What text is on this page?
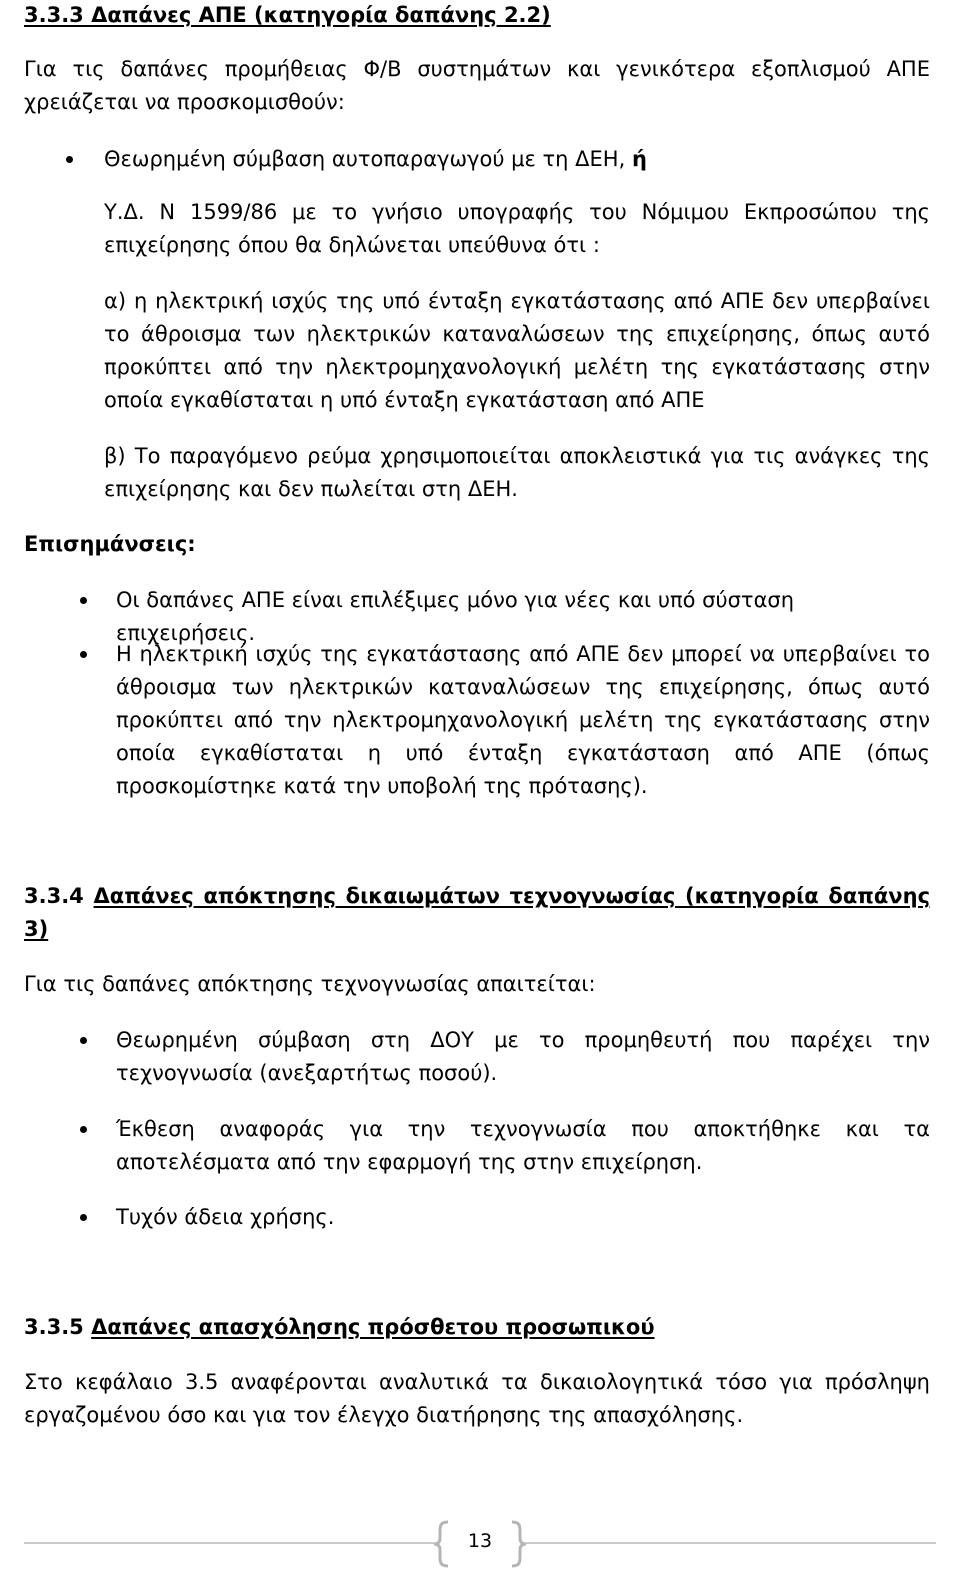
3.3.3 Δαπάνες ΑΠΕ (κατηγορία δαπάνης 2.2)
Για τις δαπάνες προμήθειας Φ/Β συστημάτων και γενικότερα εξοπλισμού ΑΠΕ χρειάζεται να προσκομισθούν:
Θεωρημένη σύμβαση αυτοπαραγωγού με τη ΔΕΗ, ή
Υ.Δ. Ν 1599/86 με το γνήσιο υπογραφής του Νόμιμου Εκπροσώπου της επιχείρησης όπου θα δηλώνεται υπεύθυνα ότι :
α) η ηλεκτρική ισχύς της υπό ένταξη εγκατάστασης από ΑΠΕ δεν υπερβαίνει το άθροισμα των ηλεκτρικών καταναλώσεων της επιχείρησης, όπως αυτό προκύπτει από την ηλεκτρομηχανολογική μελέτη της εγκατάστασης στην οποία εγκαθίσταται η υπό ένταξη εγκατάσταση από ΑΠΕ
β) Το παραγόμενο ρεύμα χρησιμοποιείται αποκλειστικά για τις ανάγκες της επιχείρησης και δεν πωλείται στη ΔΕΗ.
Επισημάνσεις:
Οι δαπάνες ΑΠΕ είναι επιλέξιμες μόνο για νέες και υπό σύσταση επιχειρήσεις.
Η ηλεκτρική ισχύς της εγκατάστασης από ΑΠΕ δεν μπορεί να υπερβαίνει το άθροισμα των ηλεκτρικών καταναλώσεων της επιχείρησης, όπως αυτό προκύπτει από την ηλεκτρομηχανολογική μελέτη της εγκατάστασης στην οποία εγκαθίσταται η υπό ένταξη εγκατάσταση από ΑΠΕ (όπως προσκομίστηκε κατά την υποβολή της πρότασης).
3.3.4 Δαπάνες απόκτησης δικαιωμάτων τεχνογνωσίας (κατηγορία δαπάνης 3)
Για τις δαπάνες απόκτησης τεχνογνωσίας απαιτείται:
Θεωρημένη σύμβαση στη ΔΟΥ με το προμηθευτή που παρέχει την τεχνογνωσία (ανεξαρτήτως ποσού).
Έκθεση αναφοράς για την τεχνογνωσία που αποκτήθηκε και τα αποτελέσματα από την εφαρμογή της στην επιχείρηση.
Τυχόν άδεια χρήσης.
3.3.5 Δαπάνες απασχόλησης πρόσθετου προσωπικού
Στο κεφάλαιο 3.5 αναφέρονται αναλυτικά τα δικαιολογητικά τόσο για πρόσληψη εργαζομένου όσο και για τον έλεγχο διατήρησης της απασχόλησης.
13
